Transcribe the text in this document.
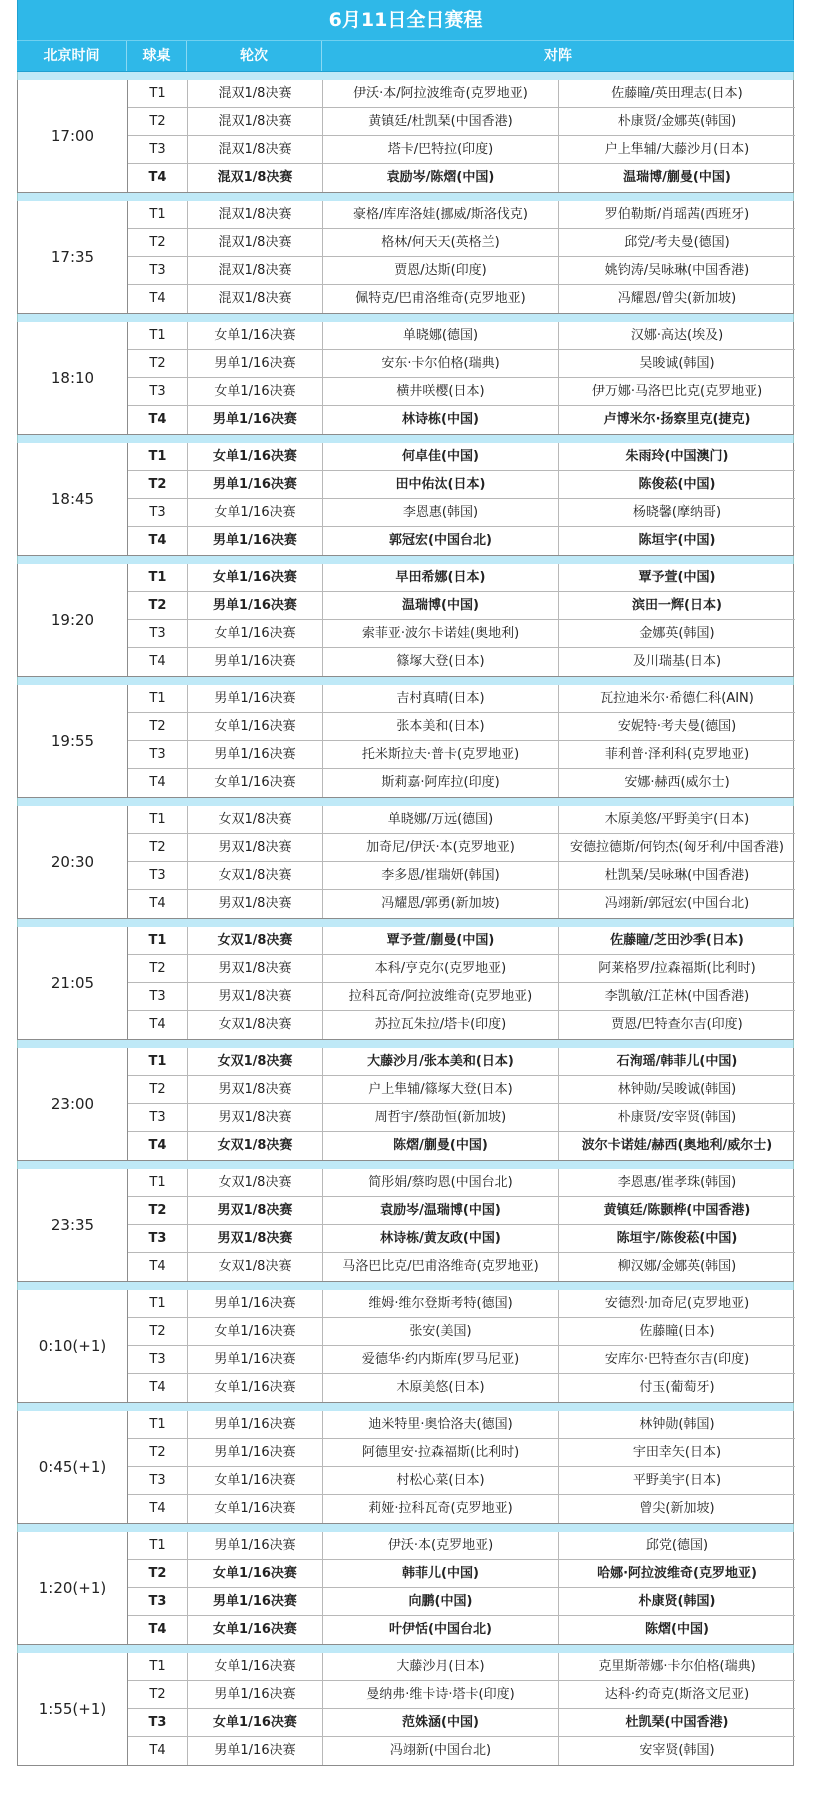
6月11日全日赛程
北京时间	球桌	轮次	对阵
17:00
T1	混双1/8决赛	伊沃·本/阿拉波维奇(克罗地亚)	佐藤瞳/英田理志(日本)
T2	混双1/8决赛	黄镇廷/杜凯琹(中国香港)	朴康贤/金娜英(韩国)
T3	混双1/8决赛	塔卡/巴特拉(印度)	户上隼辅/大藤沙月(日本)
T4	混双1/8决赛	袁励岑/陈熠(中国)	温瑞博/蒯曼(中国)
17:35
T1	混双1/8决赛	豪格/库库洛娃(挪威/斯洛伐克)	罗伯勒斯/肖瑶茜(西班牙)
T2	混双1/8决赛	格林/何天天(英格兰)	邱党/考夫曼(德国)
T3	混双1/8决赛	贾恩/达斯(印度)	姚钧涛/吴咏琳(中国香港)
T4	混双1/8决赛	佩特克/巴甫洛维奇(克罗地亚)	冯耀恩/曾尖(新加坡)
18:10
T1	女单1/16决赛	单晓娜(德国)	汉娜·高达(埃及)
T2	男单1/16决赛	安东·卡尔伯格(瑞典)	吴晙诚(韩国)
T3	女单1/16决赛	横井咲樱(日本)	伊万娜·马洛巴比克(克罗地亚)
T4	男单1/16决赛	林诗栋(中国)	卢博米尔·扬察里克(捷克)
18:45
T1	女单1/16决赛	何卓佳(中国)	朱雨玲(中国澳门)
T2	男单1/16决赛	田中佑汰(日本)	陈俊菘(中国)
T3	女单1/16决赛	李恩惠(韩国)	杨晓馨(摩纳哥)
T4	男单1/16决赛	郭冠宏(中国台北)	陈垣宇(中国)
19:20
T1	女单1/16决赛	早田希娜(日本)	覃予萱(中国)
T2	男单1/16决赛	温瑞博(中国)	滨田一辉(日本)
T3	女单1/16决赛	索菲亚·波尔卡诺娃(奥地利)	金娜英(韩国)
T4	男单1/16决赛	篠塚大登(日本)	及川瑞基(日本)
19:55
T1	男单1/16决赛	吉村真晴(日本)	瓦拉迪米尔·希德仁科(AIN)
T2	女单1/16决赛	张本美和(日本)	安妮特·考夫曼(德国)
T3	男单1/16决赛	托米斯拉夫·普卡(克罗地亚)	菲利普·泽利科(克罗地亚)
T4	女单1/16决赛	斯莉嘉·阿库拉(印度)	安娜·赫西(威尔士)
20:30
T1	女双1/8决赛	单晓娜/万远(德国)	木原美悠/平野美宇(日本)
T2	男双1/8决赛	加奇尼/伊沃·本(克罗地亚)	安德拉德斯/何钧杰(匈牙利/中国香港)
T3	女双1/8决赛	李多恩/崔瑞妍(韩国)	杜凯琹/吴咏琳(中国香港)
T4	男双1/8决赛	冯耀恩/郭勇(新加坡)	冯翊新/郭冠宏(中国台北)
21:05
T1	女双1/8决赛	覃予萱/蒯曼(中国)	佐藤瞳/芝田沙季(日本)
T2	男双1/8决赛	本科/亨克尔(克罗地亚)	阿莱格罗/拉森福斯(比利时)
T3	男双1/8决赛	拉科瓦奇/阿拉波维奇(克罗地亚)	李凯敏/江芷林(中国香港)
T4	女双1/8决赛	苏拉瓦朱拉/塔卡(印度)	贾恩/巴特查尔吉(印度)
23:00
T1	女双1/8决赛	大藤沙月/张本美和(日本)	石洵瑶/韩菲儿(中国)
T2	男双1/8决赛	户上隼辅/篠塚大登(日本)	林钟勋/吴晙诚(韩国)
T3	男双1/8决赛	周哲宇/蔡劭恒(新加坡)	朴康贤/安宰贤(韩国)
T4	女双1/8决赛	陈熠/蒯曼(中国)	波尔卡诺娃/赫西(奥地利/威尔士)
23:35
T1	女双1/8决赛	简彤娟/蔡昀恩(中国台北)	李恩惠/崔孝珠(韩国)
T2	男双1/8决赛	袁励岑/温瑞博(中国)	黄镇廷/陈颢桦(中国香港)
T3	男双1/8决赛	林诗栋/黄友政(中国)	陈垣宇/陈俊菘(中国)
T4	女双1/8决赛	马洛巴比克/巴甫洛维奇(克罗地亚)	柳汉娜/金娜英(韩国)
0:10(+1)
T1	男单1/16决赛	维姆·维尔登斯考特(德国)	安德烈·加奇尼(克罗地亚)
T2	女单1/16决赛	张安(美国)	佐藤瞳(日本)
T3	男单1/16决赛	爱德华·约内斯库(罗马尼亚)	安库尔·巴特查尔吉(印度)
T4	女单1/16决赛	木原美悠(日本)	付玉(葡萄牙)
0:45(+1)
T1	男单1/16决赛	迪米特里·奥恰洛夫(德国)	林钟勋(韩国)
T2	男单1/16决赛	阿德里安·拉森福斯(比利时)	宇田幸矢(日本)
T3	女单1/16决赛	村松心菜(日本)	平野美宇(日本)
T4	女单1/16决赛	莉娅·拉科瓦奇(克罗地亚)	曾尖(新加坡)
1:20(+1)
T1	男单1/16决赛	伊沃·本(克罗地亚)	邱党(德国)
T2	女单1/16决赛	韩菲儿(中国)	哈娜·阿拉波维奇(克罗地亚)
T3	男单1/16决赛	向鹏(中国)	朴康贤(韩国)
T4	女单1/16决赛	叶伊恬(中国台北)	陈熠(中国)
1:55(+1)
T1	女单1/16决赛	大藤沙月(日本)	克里斯蒂娜·卡尔伯格(瑞典)
T2	男单1/16决赛	曼纳弗·维卡诗·塔卡(印度)	达科·约奇克(斯洛文尼亚)
T3	女单1/16决赛	范姝涵(中国)	杜凯琹(中国香港)
T4	男单1/16决赛	冯翊新(中国台北)	安宰贤(韩国)
